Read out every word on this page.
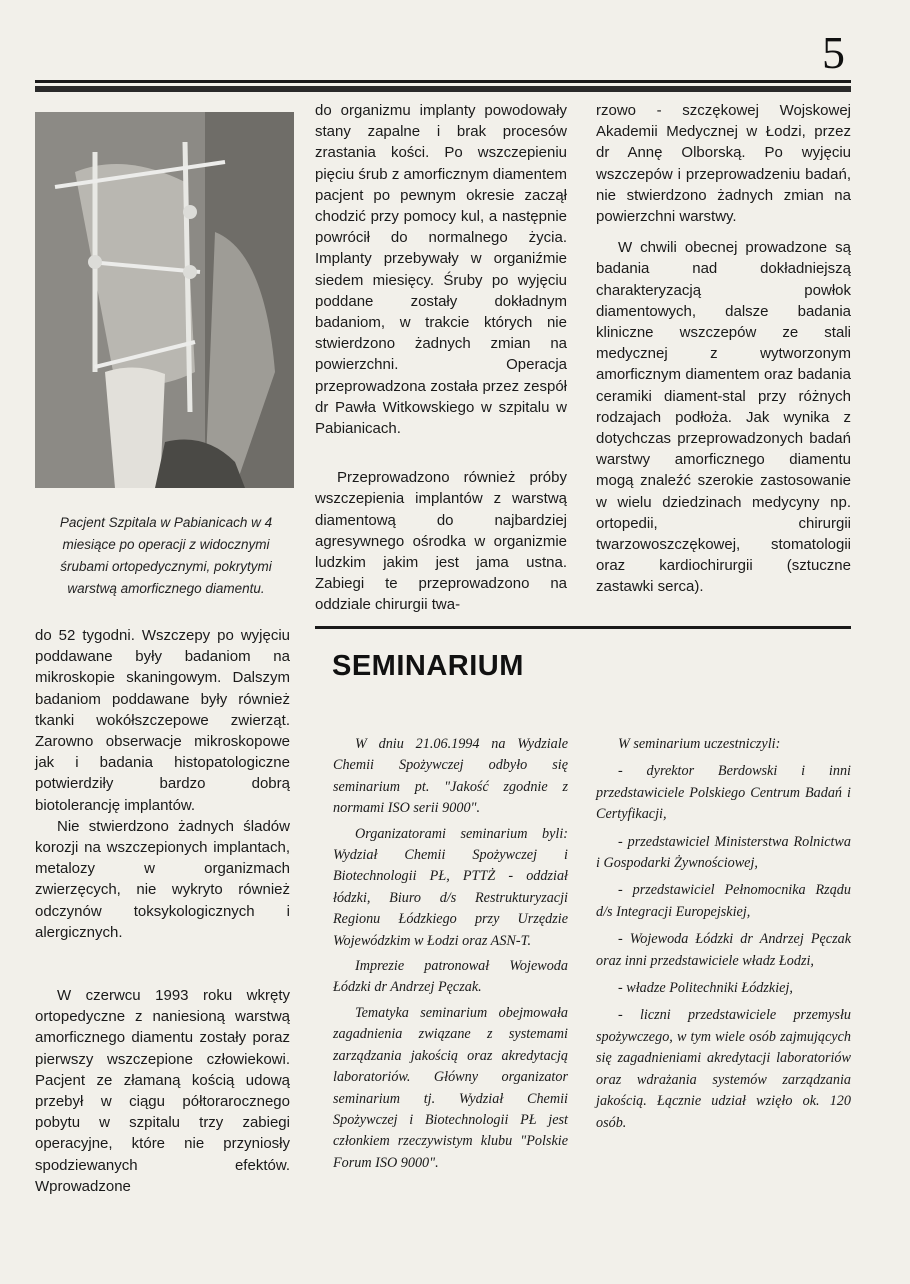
5
Pacjent Szpitala w Pabianicach w 4 miesiące po operacji z widocznymi śrubami ortopedycznymi, pokrytymi warstwą amorficznego diamentu.

do organizmu implanty powodowały stany zapalne i brak procesów zrastania kości. Po wszczepieniu pięciu śrub z amorficznym diamentem pacjent po pewnym okresie zaczął chodzić przy pomocy kul, a następnie powrócił do normalnego życia. Implanty przebywały w organiźmie siedem miesięcy. Śruby po wyjęciu poddane zostały dokładnym badaniom, w trakcie których nie stwierdzono żadnych zmian na powierzchni. Operacja przeprowadzona została przez zespół dr Pawła Witkowskiego w szpitalu w Pabianicach.

Przeprowadzono również próby wszczepienia implantów z warstwą diamentową do najbardziej agresywnego ośrodka w organizmie ludzkim jakim jest jama ustna. Zabiegi te przeprowadzono na oddziale chirurgii twa-

rzowo - szczękowej Wojskowej Akademii Medycznej w Łodzi, przez dr Annę Olborską. Po wyjęciu wszczepów i przeprowadzeniu badań, nie stwierdzono żadnych zmian na powierzchni warstwy.

W chwili obecnej prowadzone są badania nad dokładniejszą charakteryzacją powłok diamentowych, dalsze badania kliniczne wszczepów ze stali medycznej z wytworzonym amorficznym diamentem oraz badania ceramiki diament-stal przy różnych rodzajach podłoża. Jak wynika z dotychczas przeprowadzonych badań warstwy amorficznego diamentu mogą znaleźć szerokie zastosowanie w wielu dziedzinach medycyny np. ortopedii, chirurgii twarzowoszczękowej, stomatologii oraz kardiochirurgii (sztuczne zastawki serca).

do 52 tygodni. Wszczepy po wyjęciu poddawane były badaniom na mikroskopie skaningowym. Dalszym badaniom poddawane były również tkanki wokółszczepowe zwierząt. Zarowno obserwacje mikroskopowe jak i badania histopatologiczne potwierdziły bardzo dobrą biotolerancję implantów.

Nie stwierdzono żadnych śladów korozji na wszczepionych implantach, metalozy w organizmach zwierzęcych, nie wykryto również odczynów toksykologicznych i alergicznych.

W czerwcu 1993 roku wkręty ortopedyczne z naniesioną warstwą amorficznego diamentu zostały poraz pierwszy wszczepione człowiekowi. Pacjent ze złamaną kością udową przebył w ciągu półtorarocznego pobytu w szpitalu trzy zabiegi operacyjne, które nie przyniosły spodziewanych efektów. Wprowadzone

SEMINARIUM

W dniu 21.06.1994 na Wydziale Chemii Spożywczej odbyło się seminarium pt. "Jakość zgodnie z normami ISO serii 9000".

Organizatorami seminarium byli: Wydział Chemii Spożywczej i Biotechnologii PŁ, PTTŻ - oddział łódzki, Biuro d/s Restrukturyzacji Regionu Łódzkiego przy Urzędzie Wojewódzkim w Łodzi oraz ASN-T.

Imprezie patronował Wojewoda Łódzki dr Andrzej Pęczak.

Tematyka seminarium obejmowała zagadnienia związane z systemami zarządzania jakością oraz akredytacją laboratoriów. Główny organizator seminarium tj. Wydział Chemii Spożywczej i Biotechnologii PŁ jest członkiem rzeczywistym klubu "Polskie Forum ISO 9000".

W seminarium uczestniczyli:

- dyrektor Berdowski i inni przedstawiciele Polskiego Centrum Badań i Certyfikacji,

- przedstawiciel Ministerstwa Rolnictwa i Gospodarki Żywnościowej,

- przedstawiciel Pełnomocnika Rządu d/s Integracji Europejskiej,

- Wojewoda Łódzki dr Andrzej Pęczak oraz inni przedstawiciele władz Łodzi,

- władze Politechniki Łódzkiej,

- liczni przedstawiciele przemysłu spożywczego, w tym wiele osób zajmujących się zagadnieniami akredytacji laboratoriów oraz wdrażania systemów zarządzania jakością. Łącznie udział wzięło ok. 120 osób.
